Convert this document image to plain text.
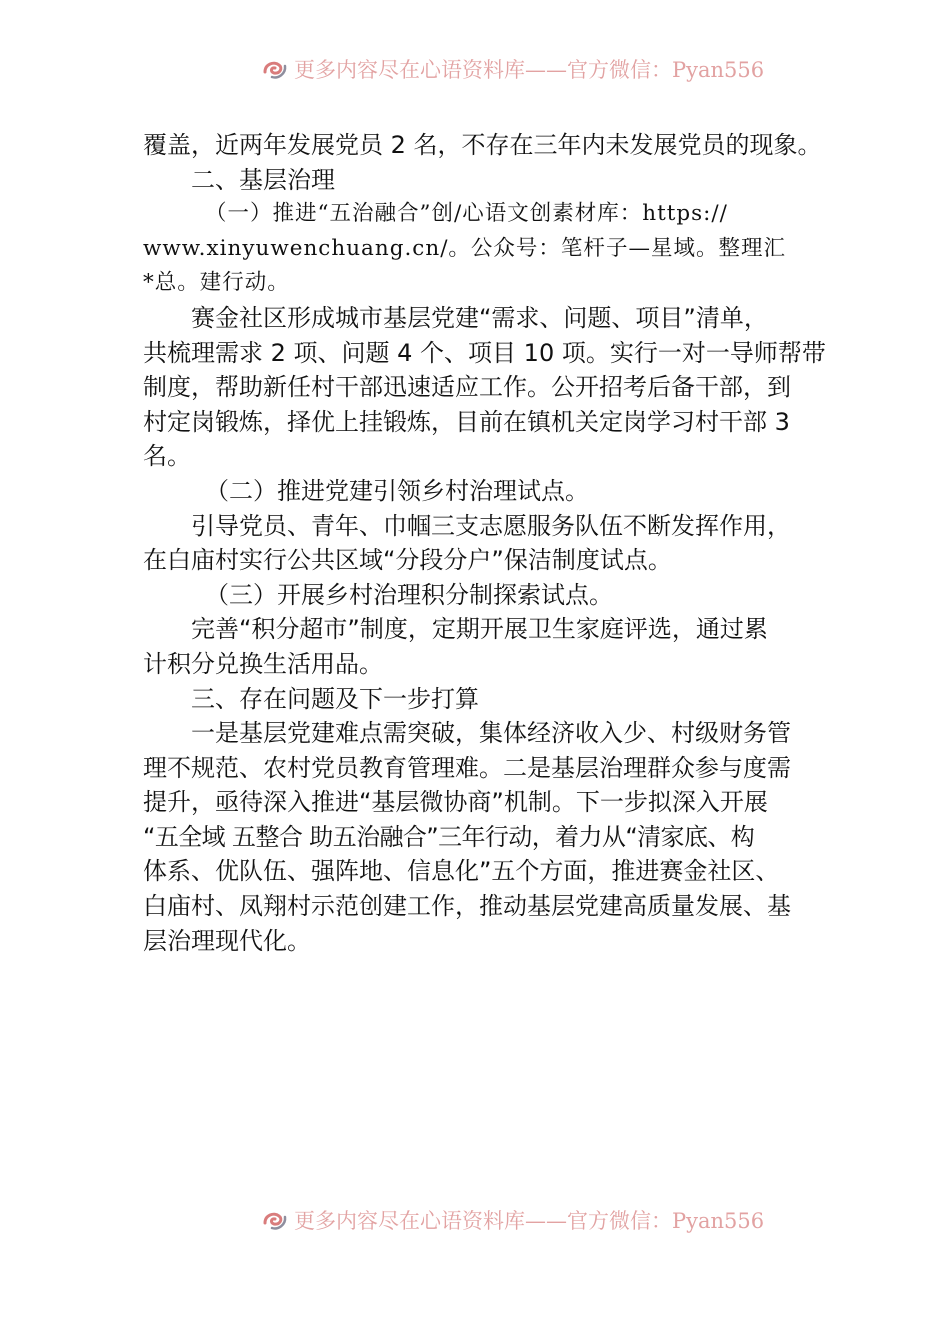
更多内容尽在心语资料库——官方微信：Pyan556
覆盖，近两年发展党员 2 名，不存在三年内未发展党员的现象。
二、基层治理
（一）推进“五治融合”创/心语文创素材库：https://
www.xinyuwenchuang.cn/。公众号：笔杆子—星域。整理汇
*总。建行动。
赛金社区形成城市基层党建“需求、问题、项目”清单，
共梳理需求 2 项、问题 4 个、项目 10 项。实行一对一导师帮带
制度，帮助新任村干部迅速适应工作。公开招考后备干部，到
村定岗锻炼，择优上挂锻炼，目前在镇机关定岗学习村干部 3
名。
（二）推进党建引领乡村治理试点。
引导党员、青年、巾帼三支志愿服务队伍不断发挥作用，
在白庙村实行公共区域“分段分户”保洁制度试点。
（三）开展乡村治理积分制探索试点。
完善“积分超市”制度，定期开展卫生家庭评选，通过累
计积分兑换生活用品。
三、存在问题及下一步打算
一是基层党建难点需突破，集体经济收入少、村级财务管
理不规范、农村党员教育管理难。二是基层治理群众参与度需
提升，亟待深入推进“基层微协商”机制。下一步拟深入开展
“五全域 五整合 助五治融合”三年行动，着力从“清家底、构
体系、优队伍、强阵地、信息化”五个方面，推进赛金社区、
白庙村、凤翔村示范创建工作，推动基层党建高质量发展、基
层治理现代化。
更多内容尽在心语资料库——官方微信：Pyan556
